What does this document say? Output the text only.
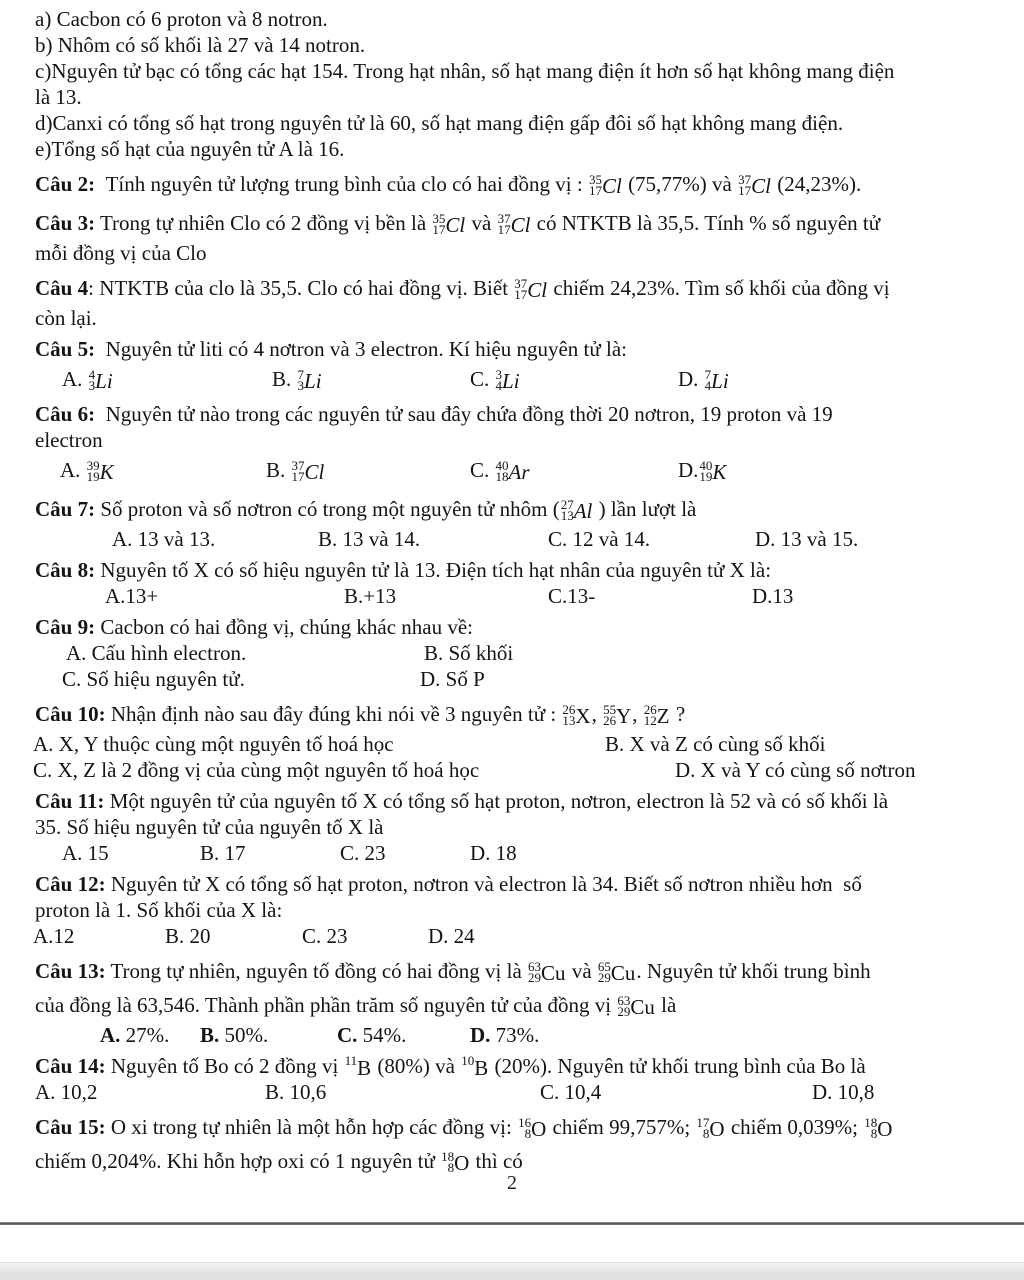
a) Cacbon có 6 proton và 8 notron.
b) Nhôm có số khối là 27 và 14 notron.
c)Nguyên tử bạc có tổng các hạt 154. Trong hạt nhân, số hạt mang điện ít hơn số hạt không mang điện
là 13.
d)Canxi có tổng số hạt trong nguyên tử là 60, số hạt mang điện gấp đôi số hạt không mang điện.
e)Tổng số hạt của nguyên tử A là 16.
Câu 2:  Tính nguyên tử lượng trung bình của clo có hai đồng vị : 35
17 Cl (75,77%) và 37
17 Cl (24,23%).
Câu 3: Trong tự nhiên Clo có 2 đồng vị bền là 35
17 Cl và 37
17 Cl có NTKTB là 35,5. Tính % số nguyên tử
mỗi đồng vị của Clo
Câu 4: NTKTB của clo là 35,5. Clo có hai đồng vị. Biết 37
17 Cl chiếm 24,23%. Tìm số khối của đồng vị
còn lại.
Câu 5:  Nguyên tử liti có 4 nơtron và 3 electron. Kí hiệu nguyên tử là:
A. 4
3 Li	B. 7
3 Li	C. 3
4 Li	D. 7
4 Li
Câu 6:  Nguyên tử nào trong các nguyên tử sau đây chứa đồng thời 20 nơtron, 19 proton và 19
electron
A. 39
19 K	B. 37
17 Cl	C. 40
18 Ar	D. 40
19 K
Câu 7: Số proton và số nơtron có trong một nguyên tử nhôm ( 27
13 Al ) lần lượt là
A. 13 và 13.	B. 13 và 14.	C. 12 và 14.	D. 13 và 15.
Câu 8: Nguyên tố X có số hiệu nguyên tử là 13. Điện tích hạt nhân của nguyên tử X là:
A.13+	B.+13	C.13-	D.13
Câu 9: Cacbon có hai đồng vị, chúng khác nhau về:
A. Cấu hình electron.	B. Số khối
C. Số hiệu nguyên tử.	D. Số P
Câu 10: Nhận định nào sau đây đúng khi nói về 3 nguyên tử : 26
13 X, 55
26 Y, 26
12 Z ?
A. X, Y thuộc cùng một nguyên tố hoá học	B. X và Z có cùng số khối
C. X, Z là 2 đồng vị của cùng một nguyên tố hoá học	D. X và Y có cùng số nơtron
Câu 11: Một nguyên tử của nguyên tố X có tổng số hạt proton, nơtron, electron là 52 và có số khối là
35. Số hiệu nguyên tử của nguyên tố X là
A. 15	B. 17	C. 23	D. 18
Câu 12: Nguyên tử X có tổng số hạt proton, nơtron và electron là 34. Biết số nơtron nhiều hơn  số
proton là 1. Số khối của X là:
A.12	B. 20	C. 23	D. 24
Câu 13: Trong tự nhiên, nguyên tố đồng có hai đồng vị là 63
29 Cu và 65
29 Cu. Nguyên tử khối trung bình
của đồng là 63,546. Thành phần phần trăm số nguyên tử của đồng vị 63
29 Cu là
A. 27%. B. 50%.	C. 54%.	D. 73%.
Câu 14: Nguyên tố Bo có 2 đồng vị $^{11}$B (80%) và $^{10}$B (20%). Nguyên tử khối trung bình của Bo là
A. 10,2	B. 10,6	C. 10,4	D. 10,8
Câu 15: O xi trong tự nhiên là một hỗn hợp các đồng vị: 16
8 O chiếm 99,757%; 17
8 O chiếm 0,039%; 18
8 O
chiếm 0,204%. Khi hỗn hợp oxi có 1 nguyên tử 18
8 O thì có
2
